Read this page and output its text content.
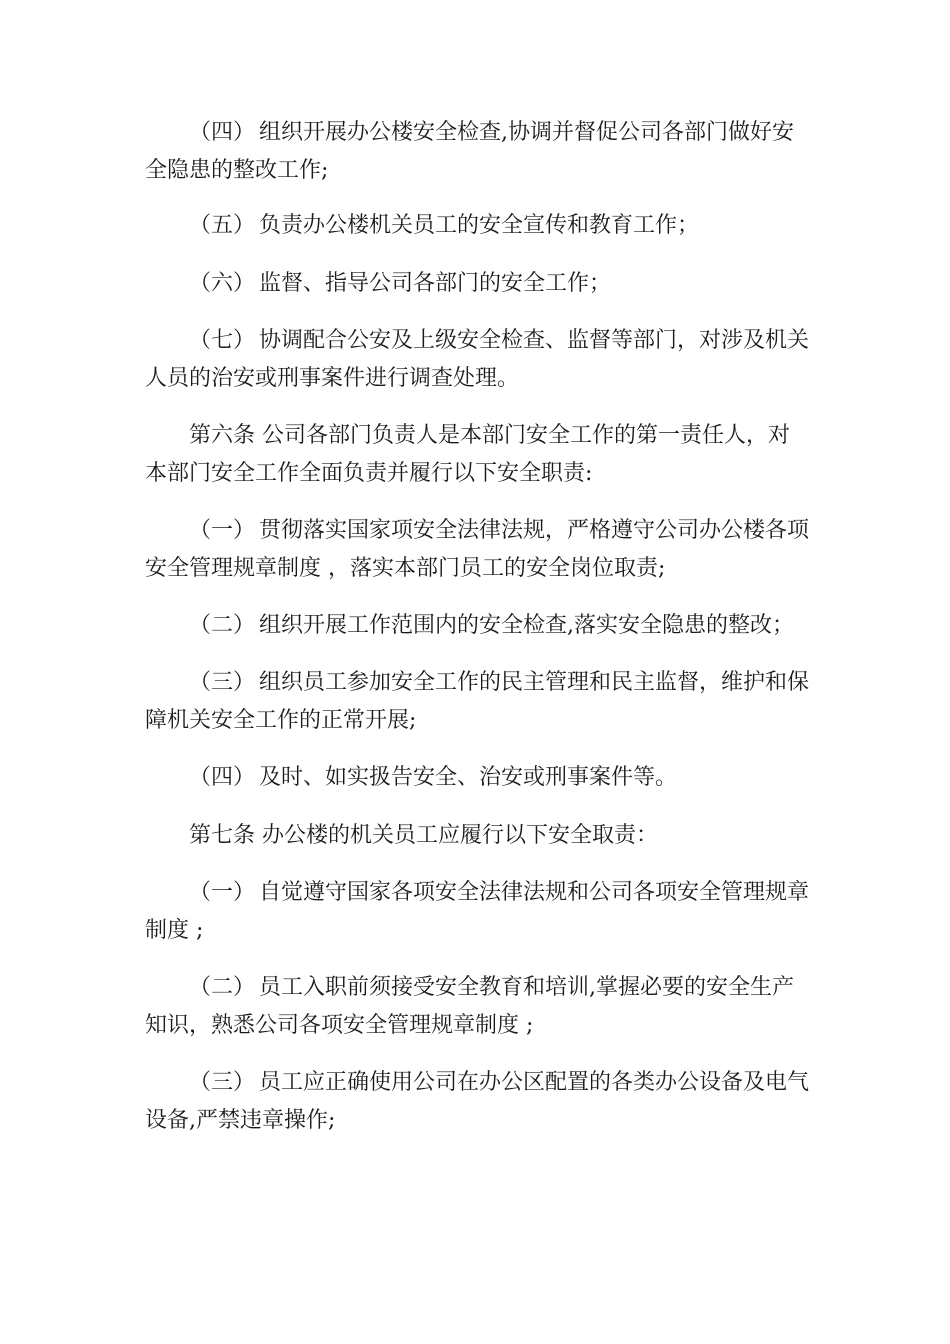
（四） 组织开展办公楼安全检查,协调并督促公司各部门做好安全隐患的整改工作;

（五） 负责办公楼机关员工的安全宣传和教育工作；

（六） 监督、指导公司各部门的安全工作；

（七） 协调配合公安及上级安全检查、监督等部门，对涉及机关人员的治安或刑事案件进行调查处理。

第六条 公司各部门负责人是本部门安全工作的第一责任人，对本部门安全工作全面负责并履行以下安全职责:

（一） 贯彻落实国家项安全法律法规，严格遵守公司办公楼各项安全管理规章制度 ，落实本部门员工的安全岗位取责;

（二） 组织开展工作范围内的安全检查,落实安全隐患的整改；

（三） 组织员工参加安全工作的民主管理和民主监督，维护和保障机关安全工作的正常开展;

（四） 及时、如实扱告安全、治安或刑事案件等。

第七条 办公楼的机关员工应履行以下安全取责：

（一） 自觉遵守国家各项安全法律法规和公司各项安全管理规章制度 ;

（二） 员工入职前须接受安全教育和培训,掌握必要的安全生产知识，熟悉公司各项安全管理规章制度 ;

（三） 员工应正确使用公司在办公区配置的各类办公设备及电气设备,严禁违章操作;
